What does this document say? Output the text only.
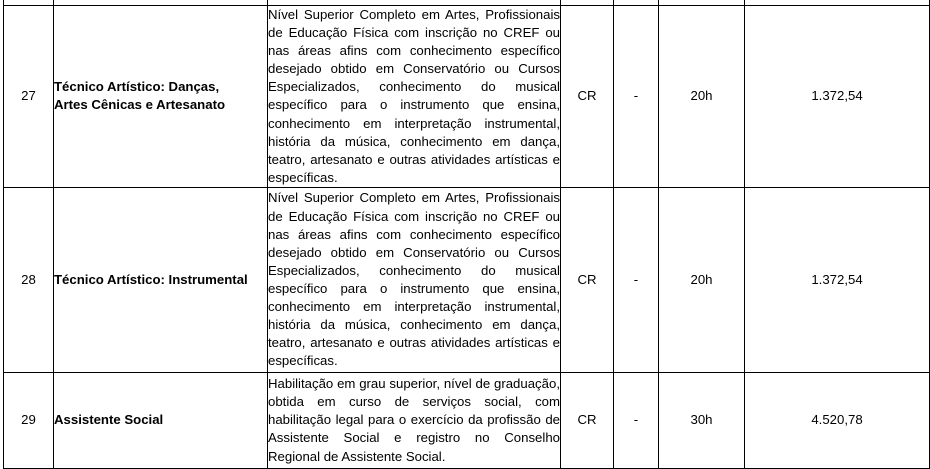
27	Técnico Artístico: Danças,
Artes Cênicas e Artesanato	Nível Superior Completo em Artes, Profissionais de Educação Física com inscrição no CREF ou nas áreas afins com conhecimento específico desejado obtido em Conservatório ou Cursos Especializados, conhecimento do musical específico para o instrumento que ensina, conhecimento em interpretação instrumental, história da música, conhecimento em dança, teatro, artesanato e outras atividades artísticas e específicas.	CR	-	20h	1.372,54
28	Técnico Artístico: Instrumental	Nível Superior Completo em Artes, Profissionais de Educação Física com inscrição no CREF ou nas áreas afins com conhecimento específico desejado obtido em Conservatório ou Cursos Especializados, conhecimento do musical específico para o instrumento que ensina, conhecimento em interpretação instrumental, história da música, conhecimento em dança, teatro, artesanato e outras atividades artísticas e específicas.	CR	-	20h	1.372,54
29	Assistente Social	Habilitação em grau superior, nível de graduação, obtida em curso de serviços social, com habilitação legal para o exercício da profissão de Assistente Social e registro no Conselho Regional de Assistente Social.	CR	-	30h	4.520,78
